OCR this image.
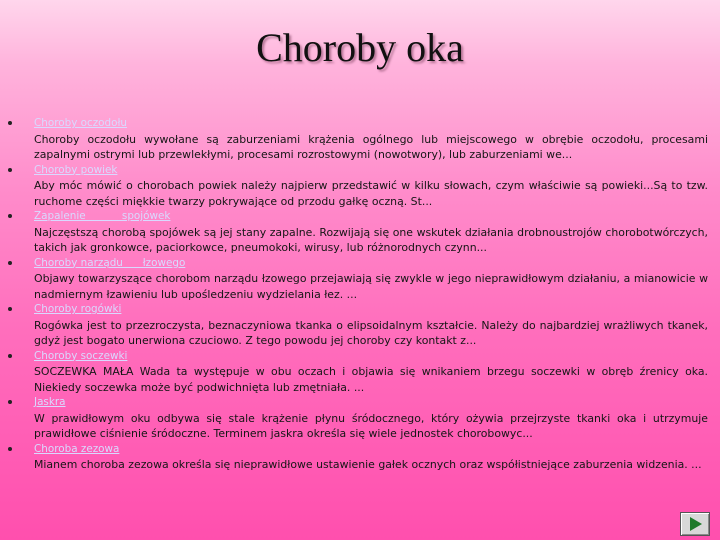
Choroby oka
Choroby oczodołu

Choroby oczodołu wywołane są zaburzeniami krążenia ogólnego lub miejscowego w obrębie oczodołu, procesami zapalnymi ostrymi lub przewlekłymi, procesami rozrostowymi (nowotwory), lub zaburzeniami we...

Choroby powiek

Aby móc mówić o chorobach powiek należy najpierw przedstawić w kilku słowach, czym właściwie są powieki...Są to tzw. ruchome części miękkie twarzy pokrywające od przodu gałkę oczną. St...

Zapalenie           spojówek

Najczęstszą chorobą spojówek są jej stany zapalne. Rozwijają się one wskutek działania drobnoustrojów chorobotwórczych, takich jak gronkowce, paciorkowce, pneumokoki, wirusy, lub różnorodnych czynn...

Choroby narządu      łzowego

Objawy towarzyszące chorobom narządu łzowego przejawiają się zwykle w jego nieprawidłowym działaniu, a mianowicie w nadmiernym łzawieniu lub upośledzeniu wydzielania łez. ...

Choroby rogówki

Rogówka jest to przezroczysta, beznaczyniowa tkanka o elipsoidalnym kształcie. Należy do najbardziej wrażliwych tkanek, gdyż jest bogato unerwiona czuciowo. Z tego powodu jej choroby czy kontakt z...

Choroby soczewki

SOCZEWKA MAŁA Wada ta występuje w obu oczach i objawia się wnikaniem brzegu soczewki w obręb źrenicy oka. Niekiedy soczewka może być podwichnięta lub zmętniała. ...

Jaskra

W prawidłowym oku odbywa się stale krążenie płynu śródocznego, który ożywia przejrzyste tkanki oka i utrzymuje prawidłowe ciśnienie śródoczne. Terminem jaskra określa się wiele jednostek chorobowyc...

Choroba zezowa

Mianem choroba zezowa określa się nieprawidłowe ustawienie gałek ocznych oraz współistniejące zaburzenia widzenia. ...
